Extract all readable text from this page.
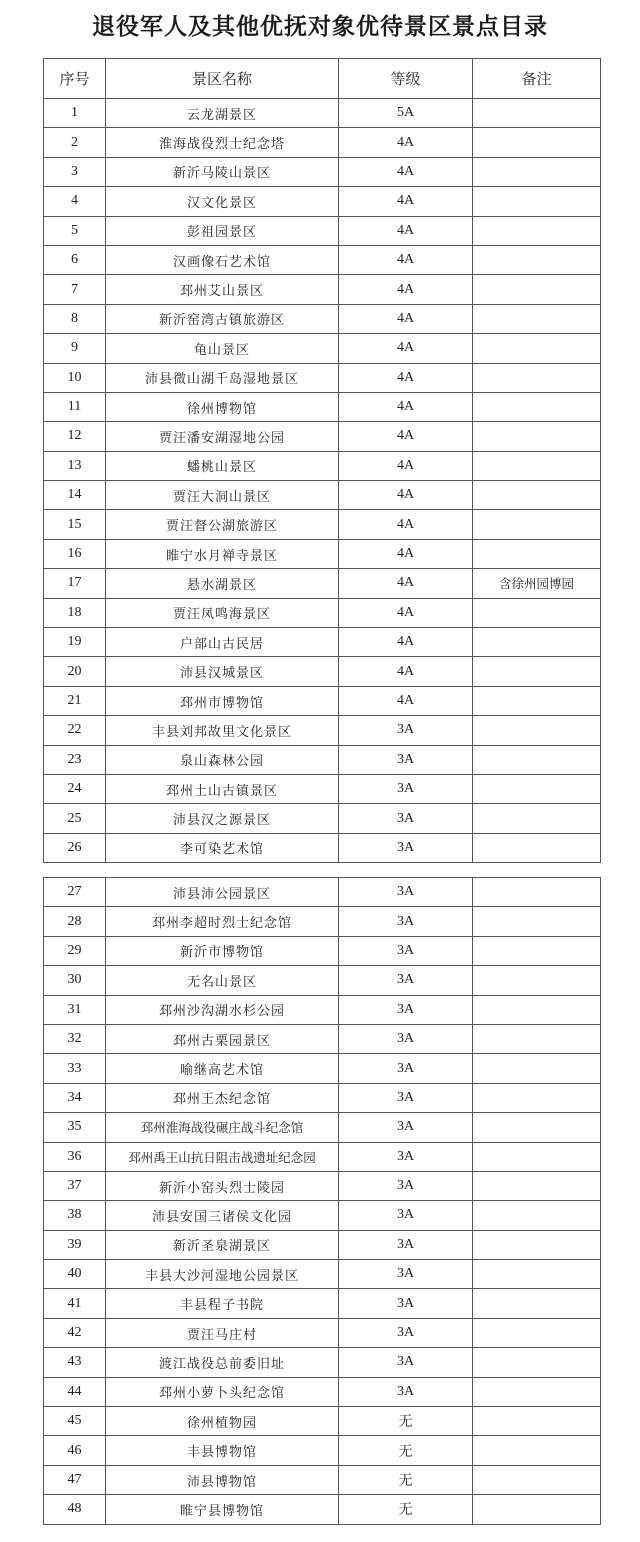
退役军人及其他优抚对象优待景区景点目录
序号	景区名称	等级	备注
1	云龙湖景区	5A	
2	淮海战役烈士纪念塔	4A	
3	新沂马陵山景区	4A	
4	汉文化景区	4A	
5	彭祖园景区	4A	
6	汉画像石艺术馆	4A	
7	邳州艾山景区	4A	
8	新沂窑湾古镇旅游区	4A	
9	龟山景区	4A	
10	沛县微山湖千岛湿地景区	4A	
11	徐州博物馆	4A	
12	贾汪潘安湖湿地公园	4A	
13	蟠桃山景区	4A	
14	贾汪大洞山景区	4A	
15	贾汪督公湖旅游区	4A	
16	睢宁水月禅寺景区	4A	
17	悬水湖景区	4A	含徐州园博园
18	贾汪凤鸣海景区	4A	
19	户部山古民居	4A	
20	沛县汉城景区	4A	
21	邳州市博物馆	4A	
22	丰县刘邦故里文化景区	3A	
23	泉山森林公园	3A	
24	邳州土山古镇景区	3A	
25	沛县汉之源景区	3A	
26	李可染艺术馆	3A	
27	沛县沛公园景区	3A	
28	邳州李超时烈士纪念馆	3A	
29	新沂市博物馆	3A	
30	无名山景区	3A	
31	邳州沙沟湖水杉公园	3A	
32	邳州古栗园景区	3A	
33	喻继高艺术馆	3A	
34	邳州王杰纪念馆	3A	
35	邳州淮海战役碾庄战斗纪念馆	3A	
36	邳州禹王山抗日阻击战遗址纪念园	3A	
37	新沂小窑头烈士陵园	3A	
38	沛县安国三诸侯文化园	3A	
39	新沂圣泉湖景区	3A	
40	丰县大沙河湿地公园景区	3A	
41	丰县程子书院	3A	
42	贾汪马庄村	3A	
43	渡江战役总前委旧址	3A	
44	邳州小萝卜头纪念馆	3A	
45	徐州植物园	无	
46	丰县博物馆	无	
47	沛县博物馆	无	
48	睢宁县博物馆	无	
